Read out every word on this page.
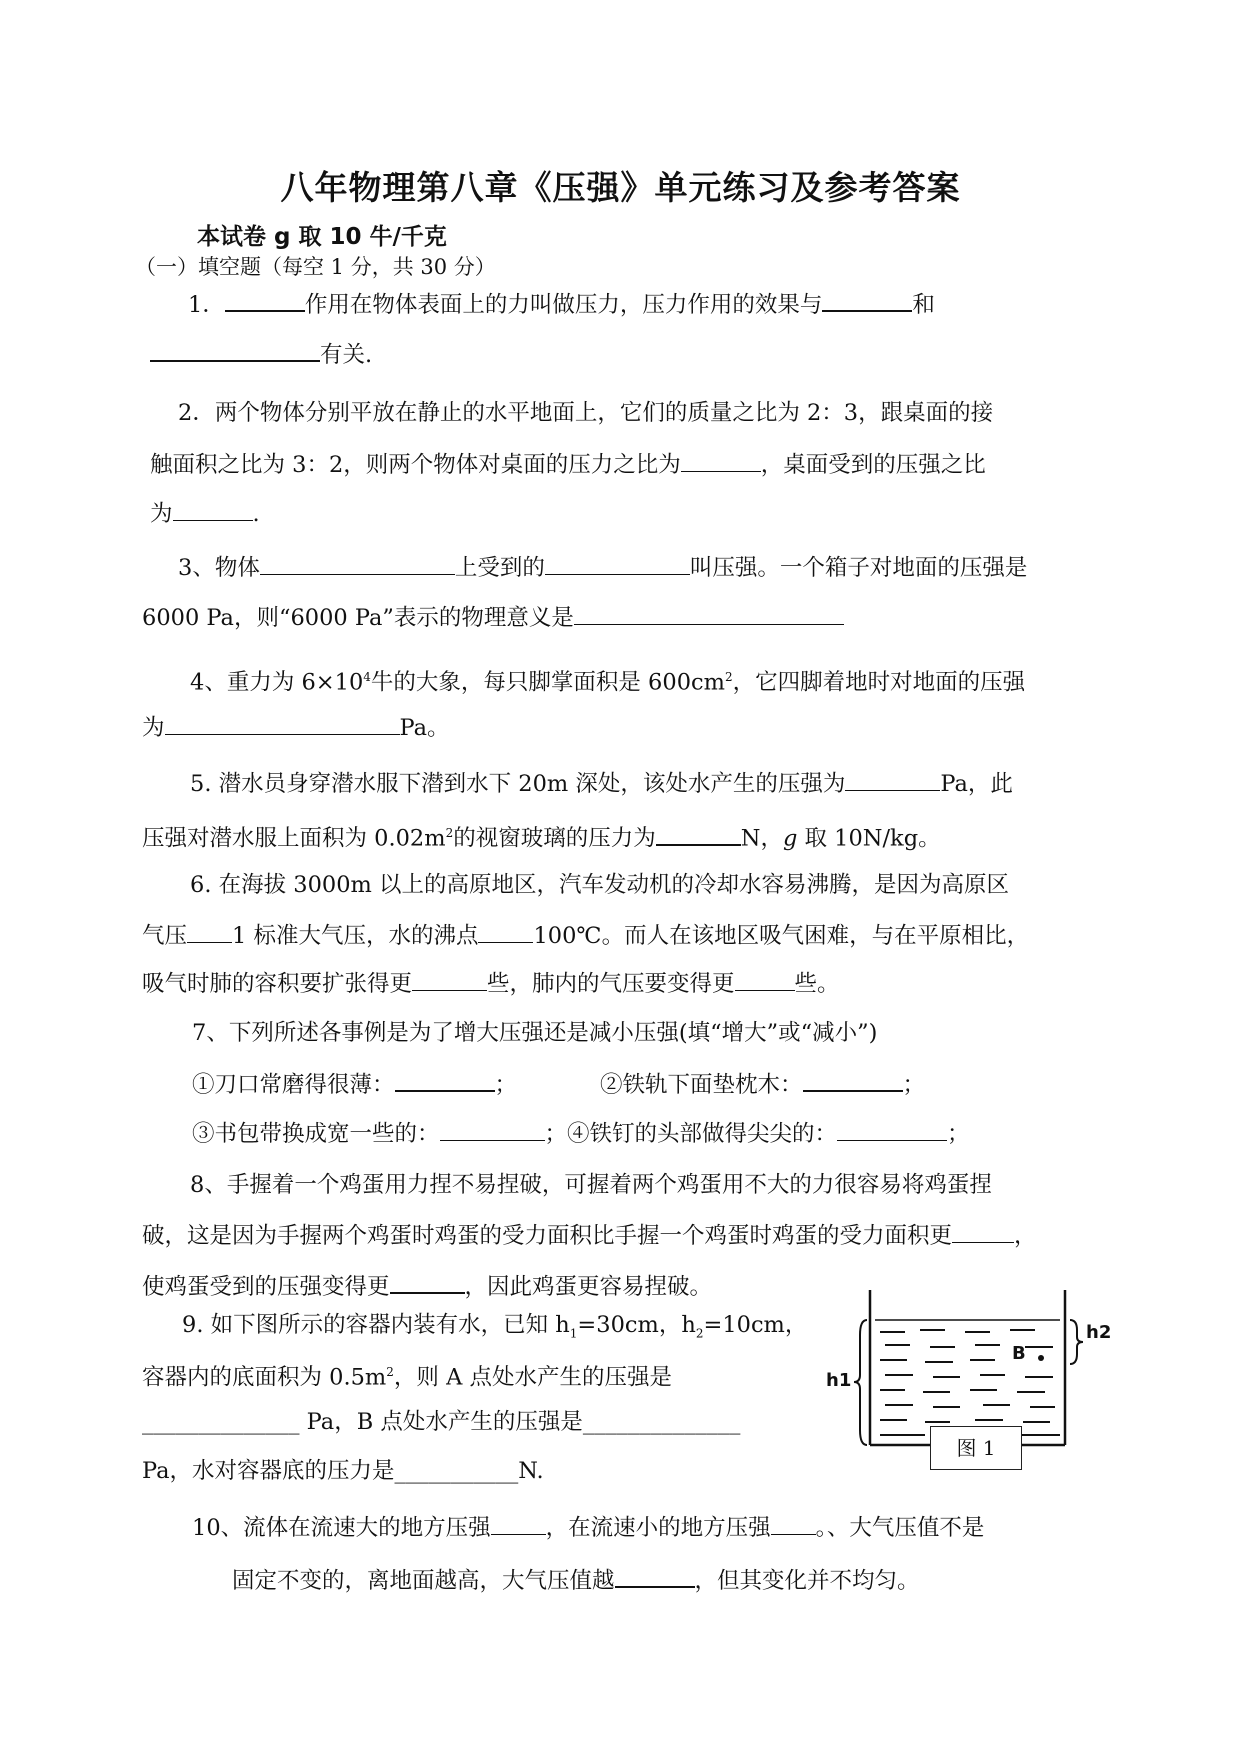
八年物理第八章《压强》单元练习及参考答案
本试卷 g 取 10 牛/千克
（一）填空题（每空 1 分，共 30 分）
1．	作用在物体表面上的力叫做压力，压力作用的效果与	和
有关.
2．两个物体分别平放在静止的水平地面上，它们的质量之比为 2：3，跟桌面的接
触面积之比为 3：2，则两个物体对桌面的压力之比为	，桌面受到的压强之比
为	.
3、物体	上受到的	叫压强。一个箱子对地面的压强是
6000 Pa，则“6000 Pa”表示的物理意义是
4、重力为 $6\times 10^4$牛的大象，每只脚掌面积是 $600cm^2$，它四脚着地时对地面的压强
为	Pa。
5. 潜水员身穿潜水服下潜到水下 20m 深处，该处水产生的压强为	Pa，此
压强对潜水服上面积为 $0.02m^2$的视窗玻璃的压力为	N，g 取 10N/kg。
6. 在海拔 3000m 以上的高原地区，汽车发动机的冷却水容易沸腾，是因为高原区
气压 1 标准大气压，水的沸点 100℃。而人在该地区吸气困难，与在平原相比，
吸气时肺的容积要扩张得更	些，肺内的气压要变得更	些。
7、下列所述各事例是为了增大压强还是减小压强(填“增大”或“减小”)
①刀口常磨得很薄：	；	②铁轨下面垫枕木：	；
③书包带换成宽一些的：	；④铁钉的头部做得尖尖的：	；
8、手握着一个鸡蛋用力捏不易捏破，可握着两个鸡蛋用不大的力很容易将鸡蛋捏
破，这是因为手握两个鸡蛋时鸡蛋的受力面积比手握一个鸡蛋时鸡蛋的受力面积更	，
使鸡蛋受到的压强变得更	，因此鸡蛋更容易捏破。
9. 如下图所示的容器内装有水，已知 $h_1=30cm$，$h_2=10cm$，
容器内的底面积为 $0.5m^2$，则 A 点处水产生的压强是
______________ Pa，B 点处水产生的压强是______________
Pa，水对容器底的压力是___________N.
h2
h1
B
图 1
10、流体在流速大的地方压强 ，在流速小的地方压强 。、大气压值不是
固定不变的，离地面越高，大气压值越	，但其变化并不均匀。
